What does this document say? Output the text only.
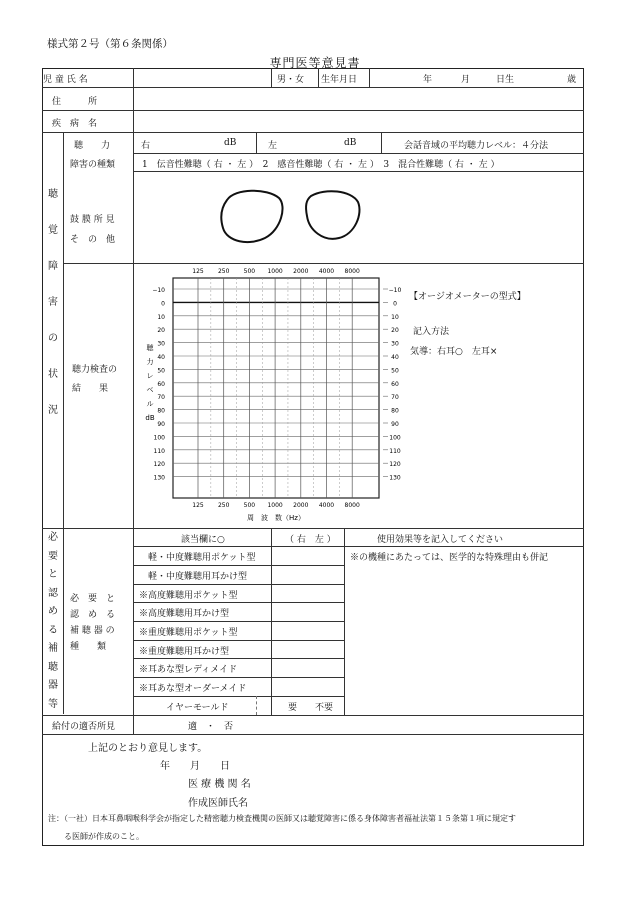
様式第２号（第６条関係）
専門医等意見書
児 童 氏 名	男・女 生年月日	年	月	日生	歳
住　　　所
疾　病　名
聴
覚
障
害
の
状
況
聴　　力	右	dB	左	dB	会話音域の平均聴力レベル：４分法
障害の種類	1　伝音性難聴（ 右 ・ 左 ）　2　感音性難聴（ 右 ・ 左 ）　3　混合性難聴（ 右 ・ 左 ）
鼓 膜 所 見
そ　の　他
聴力検査の
結　　果
−10	−10
0	0
10	10
20	20
30	30
40	40
50	50
60	60
70	70
80	80
90	90
100	100
110	110
120	120
130	130
125
125
250
250
500
500
1000
1000
2000
2000
4000
4000
8000
8000
周　波　数（Hz）
聴
力
レ
ベ
ル
dB
【オージオメーターの型式】
記入方法
気導：右耳○　左耳×
必
要
と
認
め
る
補
聴
器
等
必　要　と
認　め　る
補 聴 器 の
種　　類
該当欄に○	（ 右　左 ）	使用効果等を記入してください
※の機種にあたっては、医学的な特殊理由も併記
軽・中度難聴用ポケット型
軽・中度難聴用耳かけ型
※高度難聴用ポケット型
※高度難聴用耳かけ型
※重度難聴用ポケット型
※重度難聴用耳かけ型
※耳あな型レディメイド
※耳あな型オーダーメイド
イヤーモールド	要　　不要
給付の適否所見	適　・　否
上記のとおり意見します。
年　　月　　日
医 療 機 関 名
作成医師氏名
注：（一社）日本耳鼻咽喉科学会が指定した精密聴力検査機関の医師又は聴覚障害に係る身体障害者福祉法第１５条第１項に規定す
る医師が作成のこと。
